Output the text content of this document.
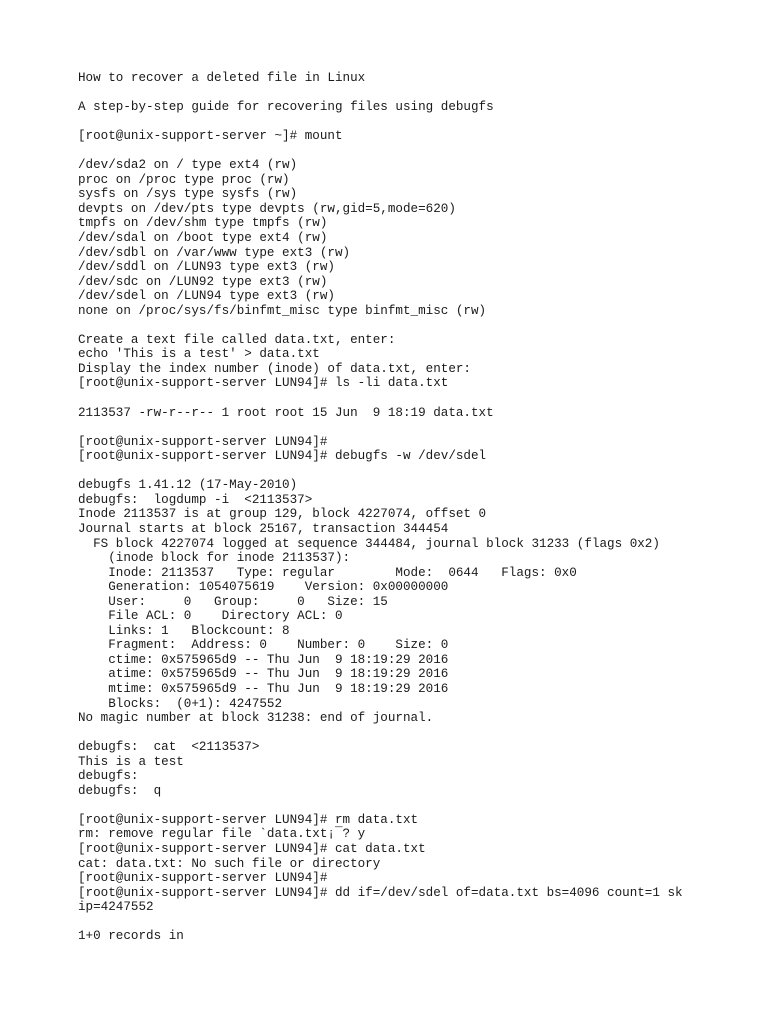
How to recover a deleted file in Linux
A step-by-step guide for recovering files using debugfs
[root@unix-support-server ~]# mount
/dev/sda2 on / type ext4 (rw)
proc on /proc type proc (rw)
sysfs on /sys type sysfs (rw)
devpts on /dev/pts type devpts (rw,gid=5,mode=620)
tmpfs on /dev/shm type tmpfs (rw)
/dev/sdal on /boot type ext4 (rw)
/dev/sdbl on /var/www type ext3 (rw)
/dev/sddl on /LUN93 type ext3 (rw)
/dev/sdc on /LUN92 type ext3 (rw)
/dev/sdel on /LUN94 type ext3 (rw)
none on /proc/sys/fs/binfmt_misc type binfmt_misc (rw)
Create a text file called data.txt, enter:
echo 'This is a test' > data.txt
Display the index number (inode) of data.txt, enter:
[root@unix-support-server LUN94]# ls -li data.txt
2113537 -rw-r--r-- 1 root root 15 Jun  9 18:19 data.txt
[root@unix-support-server LUN94]#
[root@unix-support-server LUN94]# debugfs -w /dev/sdel
debugfs 1.41.12 (17-May-2010)
debugfs:  logdump -i  <2113537>
Inode 2113537 is at group 129, block 4227074, offset 0
Journal starts at block 25167, transaction 344454
FS block 4227074 logged at sequence 344484, journal block 31233 (flags 0x2)
(inode block for inode 2113537):
Inode: 2113537   Type: regular        Mode:  0644   Flags: 0x0
Generation: 1054075619    Version: 0x00000000
User:     0   Group:     0   Size: 15
File ACL: 0    Directory ACL: 0
Links: 1   Blockcount: 8
Fragment:  Address: 0    Number: 0    Size: 0
ctime: 0x575965d9 -- Thu Jun  9 18:19:29 2016
atime: 0x575965d9 -- Thu Jun  9 18:19:29 2016
mtime: 0x575965d9 -- Thu Jun  9 18:19:29 2016
Blocks:  (0+1): 4247552
No magic number at block 31238: end of journal.
debugfs:  cat  <2113537>
This is a test
debugfs:
debugfs:  q
[root@unix-support-server LUN94]# rm data.txt
rm: remove regular file `data.txt¡¯? y
[root@unix-support-server LUN94]# cat data.txt
cat: data.txt: No such file or directory
[root@unix-support-server LUN94]#
[root@unix-support-server LUN94]# dd if=/dev/sdel of=data.txt bs=4096 count=1 sk
ip=4247552
1+0 records in
